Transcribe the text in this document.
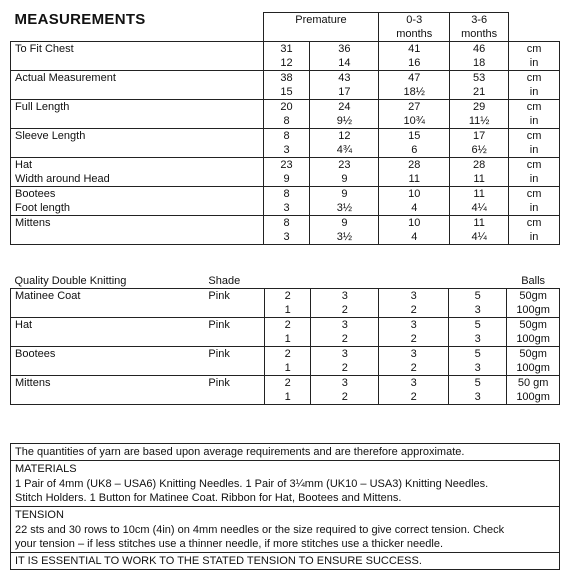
MEASUREMENTS	Premature		0-3	3-6	
			months	months	
To Fit Chest	31	36	41	46	cm
	12	14	16	18	in
Actual Measurement	38	43	47	53	cm
	15	17	18½	21	in
Full Length	20	24	27	29	cm
	8	9½	10¾	11½	in
Sleeve Length	8	12	15	17	cm
	3	4¾	6	6½	in
Hat	23	23	28	28	cm
Width around Head	9	9	11	11	in
Bootees	8	9	10	11	cm
Foot length	3	3½	4	4¼	in
Mittens	8	9	10	11	cm
	3	3½	4	4¼	in
Quality Double Knitting	Shade					Balls
Matinee Coat	Pink	2	3	3	5	50gm
		1	2	2	3	100gm
Hat	Pink	2	3	3	5	50gm
		1	2	2	3	100gm
Bootees	Pink	2	3	3	5	50gm
		1	2	2	3	100gm
Mittens	Pink	2	3	3	5	50 gm
		1	2	2	3	100gm
The quantities of yarn are based upon average requirements and are therefore approximate.
MATERIALS
1 Pair of 4mm (UK8 – USA6) Knitting Needles. 1 Pair of 3¼mm (UK10 – USA3) Knitting Needles.
Stitch Holders. 1 Button for Matinee Coat. Ribbon for Hat, Bootees and Mittens.
TENSION
22 sts and 30 rows to 10cm (4in) on 4mm needles or the size required to give correct tension. Check
your tension – if less stitches use a thinner needle, if more stitches use a thicker needle.
IT IS ESSENTIAL TO WORK TO THE STATED TENSION TO ENSURE SUCCESS.
